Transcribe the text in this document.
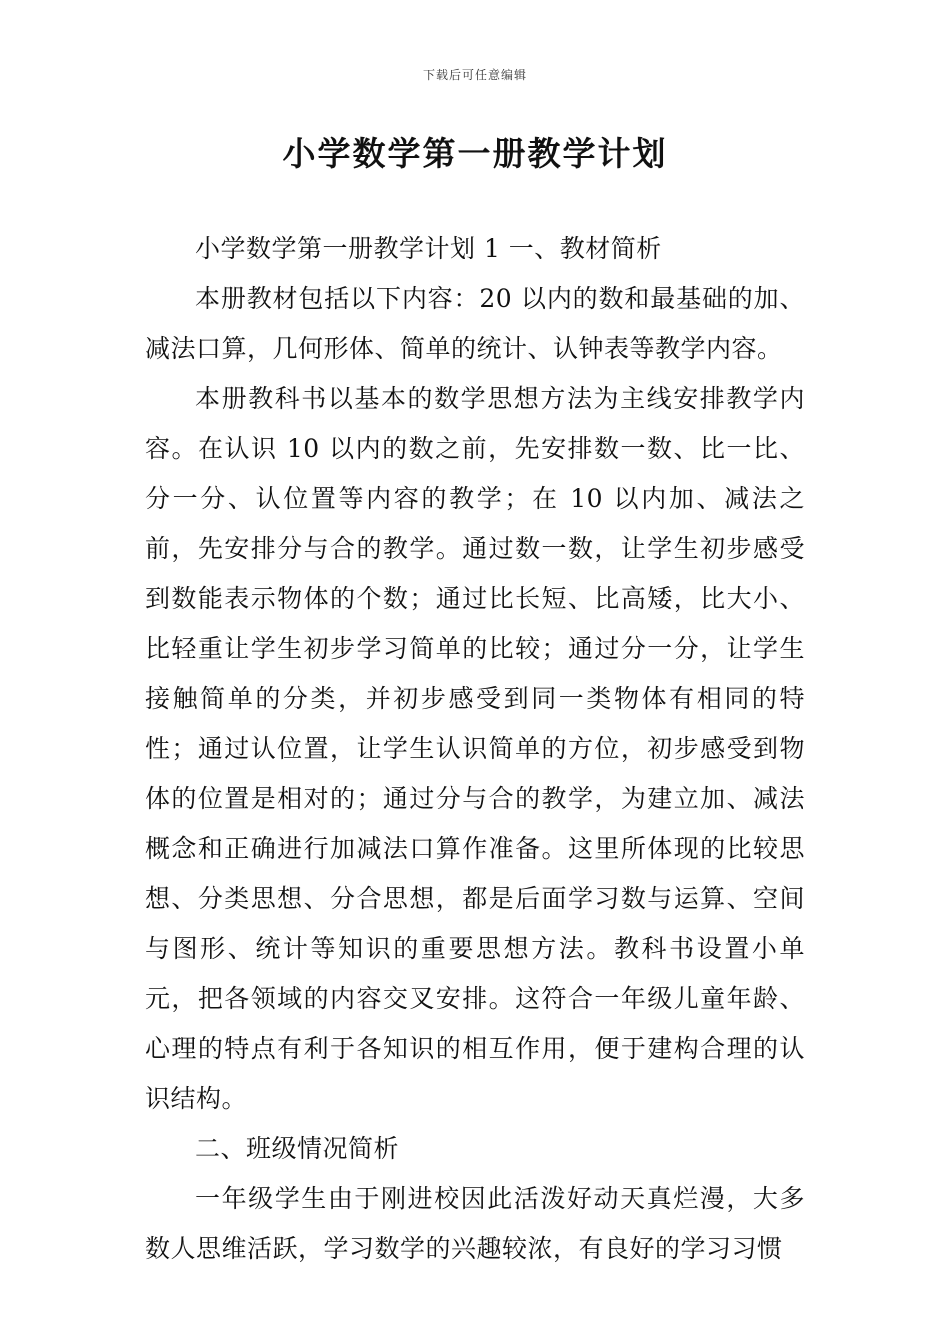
下载后可任意编辑
小学数学第一册教学计划

小学数学第一册教学计划 1 一、教材简析

本册教材包括以下内容：20 以内的数和最基础的加、减法口算，几何形体、简单的统计、认钟表等教学内容。

本册教科书以基本的数学思想方法为主线安排教学内容。在认识 10 以内的数之前，先安排数一数、比一比、分一分、认位置等内容的教学；在 10 以内加、减法之前，先安排分与合的教学。通过数一数，让学生初步感受到数能表示物体的个数；通过比长短、比高矮，比大小、比轻重让学生初步学习简单的比较；通过分一分，让学生接触简单的分类，并初步感受到同一类物体有相同的特性；通过认位置，让学生认识简单的方位，初步感受到物体的位置是相对的；通过分与合的教学，为建立加、减法概念和正确进行加减法口算作准备。这里所体现的比较思想、分类思想、分合思想，都是后面学习数与运算、空间与图形、统计等知识的重要思想方法。教科书设置小单元，把各领域的内容交叉安排。这符合一年级儿童年龄、心理的特点有利于各知识的相互作用，便于建构合理的认识结构。

二、班级情况简析

一年级学生由于刚进校因此活泼好动天真烂漫，大多数人思维活跃，学习数学的兴趣较浓，有良好的学习习惯
